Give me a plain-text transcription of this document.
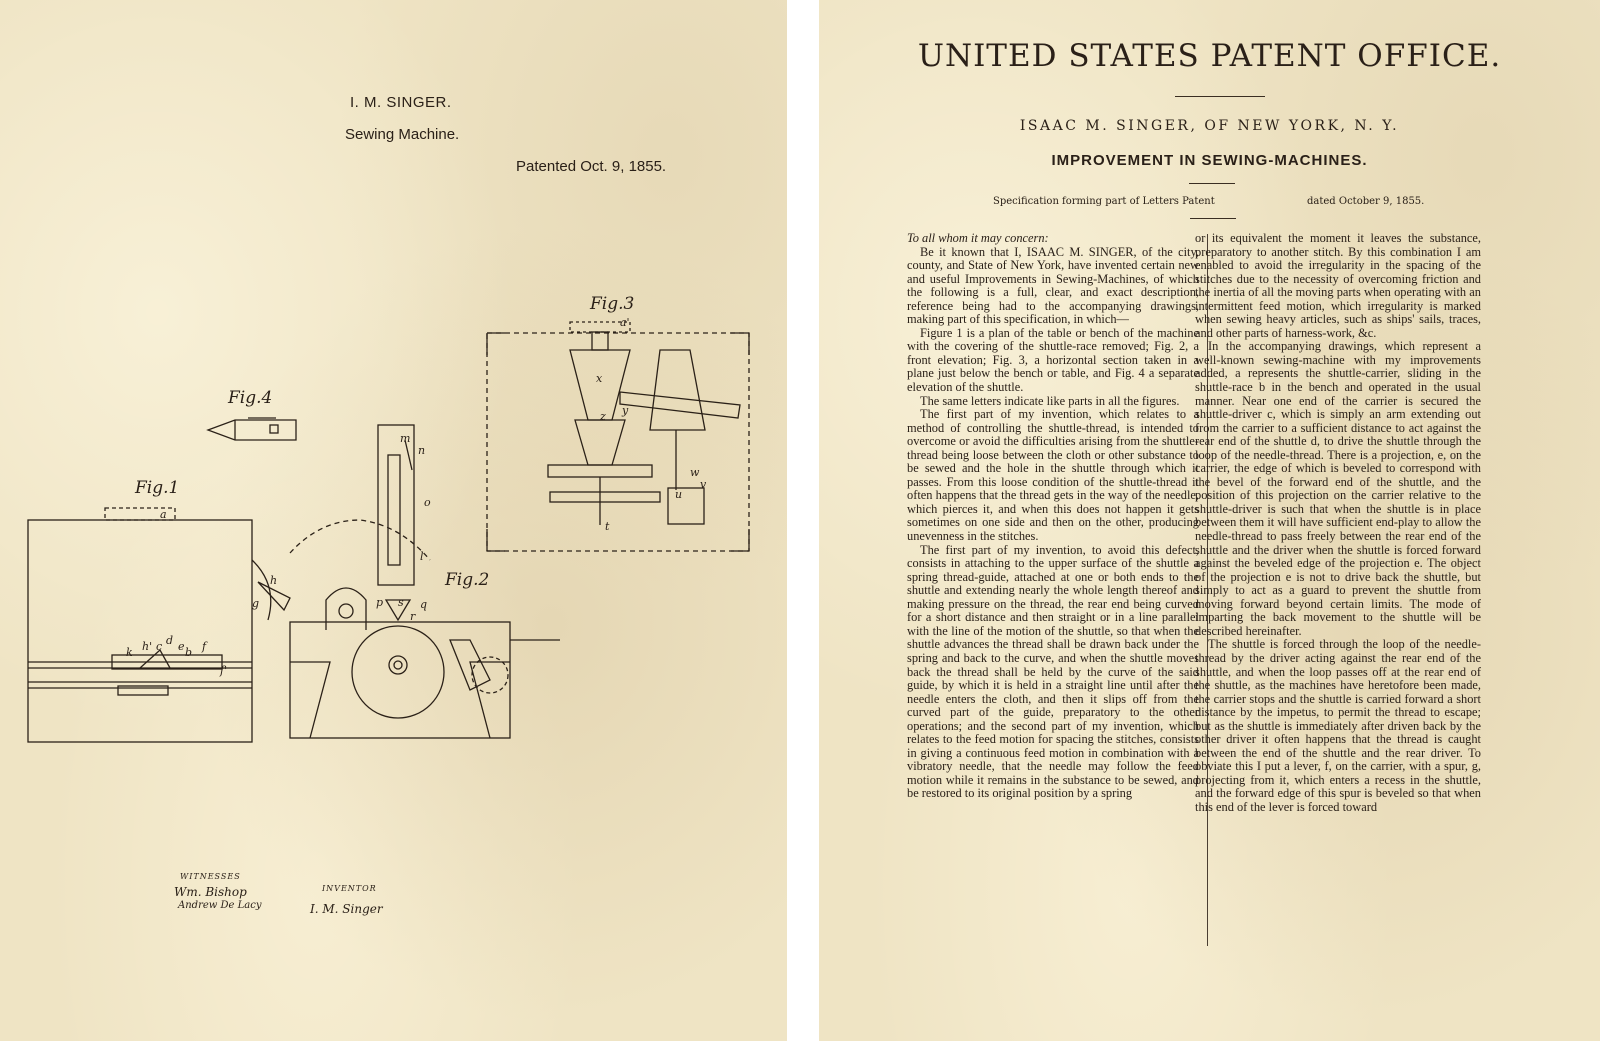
I. M. SINGER.

Sewing Machine.

Patented Oct. 9, 1855.

Fig.1
Fig.2
Fig.3
Fig.4
a
a'
b
c d e f
f'
g
h
h'
k
l
m
n
o
p	q
r
s
t
u
v
w
x
y
z
WITNESSES
Wm. Bishop
Andrew De Lacy
INVENTOR
I. M. Singer

UNITED STATES PATENT OFFICE.

ISAAC M. SINGER, OF NEW YORK, N. Y.

IMPROVEMENT IN SEWING-MACHINES.

Specification forming part of Letters Patent	dated October 9, 1855.

To all whom it may concern:

Be it known that I, ISAAC M. SINGER, of the city, county, and State of New York, have invented certain new and useful Improvements in Sewing-Machines, of which the following is a full, clear, and exact description, reference being had to the accompanying drawings, making part of this specification, in which—

Figure 1 is a plan of the table or bench of the machine with the covering of the shuttle-race removed; Fig. 2, a front elevation; Fig. 3, a horizontal section taken in a plane just below the bench or table, and Fig. 4 a separate elevation of the shuttle.

The same letters indicate like parts in all the figures.

The first part of my invention, which relates to a method of controlling the shuttle-thread, is intended to overcome or avoid the difficulties arising from the shuttle-thread being loose between the cloth or other substance to be sewed and the hole in the shuttle through which it passes. From this loose condition of the shuttle-thread it often happens that the thread gets in the way of the needle, which pierces it, and when this does not happen it gets sometimes on one side and then on the other, producing unevenness in the stitches.

The first part of my invention, to avoid this defect, consists in attaching to the upper surface of the shuttle a spring thread-guide, attached at one or both ends to the shuttle and extending nearly the whole length thereof and making pressure on the thread, the rear end being curved for a short distance and then straight or in a line parallel with the line of the motion of the shuttle, so that when the shuttle advances the thread shall be drawn back under the spring and back to the curve, and when the shuttle moves back the thread shall be held by the curve of the said guide, by which it is held in a straight line until after the needle enters the cloth, and then it slips off from the curved part of the guide, preparatory to the other operations; and the second part of my invention, which relates to the feed motion for spacing the stitches, consists in giving a continuous feed motion in combination with a vibratory needle, that the needle may follow the feed motion while it remains in the substance to be sewed, and be restored to its original position by a spring

or its equivalent the moment it leaves the substance, preparatory to another stitch. By this combination I am enabled to avoid the irregularity in the spacing of the stitches due to the necessity of overcoming friction and the inertia of all the moving parts when operating with an intermittent feed motion, which irregularity is marked when sewing heavy articles, such as ships' sails, traces, and other parts of harness-work, &c.

In the accompanying drawings, which represent a well-known sewing-machine with my improvements added, a represents the shuttle-carrier, sliding in the shuttle-race b in the bench and operated in the usual manner. Near one end of the carrier is secured the shuttle-driver c, which is simply an arm extending out from the carrier to a sufficient distance to act against the rear end of the shuttle d, to drive the shuttle through the loop of the needle-thread. There is a projection, e, on the carrier, the edge of which is beveled to correspond with the bevel of the forward end of the shuttle, and the position of this projection on the carrier relative to the shuttle-driver is such that when the shuttle is in place between them it will have sufficient end-play to allow the needle-thread to pass freely between the rear end of the shuttle and the driver when the shuttle is forced forward against the beveled edge of the projection e. The object of the projection e is not to drive back the shuttle, but simply to act as a guard to prevent the shuttle from moving forward beyond certain limits. The mode of imparting the back movement to the shuttle will be described hereinafter.

The shuttle is forced through the loop of the needle-thread by the driver acting against the rear end of the shuttle, and when the loop passes off at the rear end of the shuttle, as the machines have heretofore been made, the carrier stops and the shuttle is carried forward a short distance by the impetus, to permit the thread to escape; but as the shuttle is immediately after driven back by the other driver it often happens that the thread is caught between the end of the shuttle and the rear driver. To obviate this I put a lever, f, on the carrier, with a spur, g, projecting from it, which enters a recess in the shuttle, and the forward edge of this spur is beveled so that when this end of the lever is forced toward
